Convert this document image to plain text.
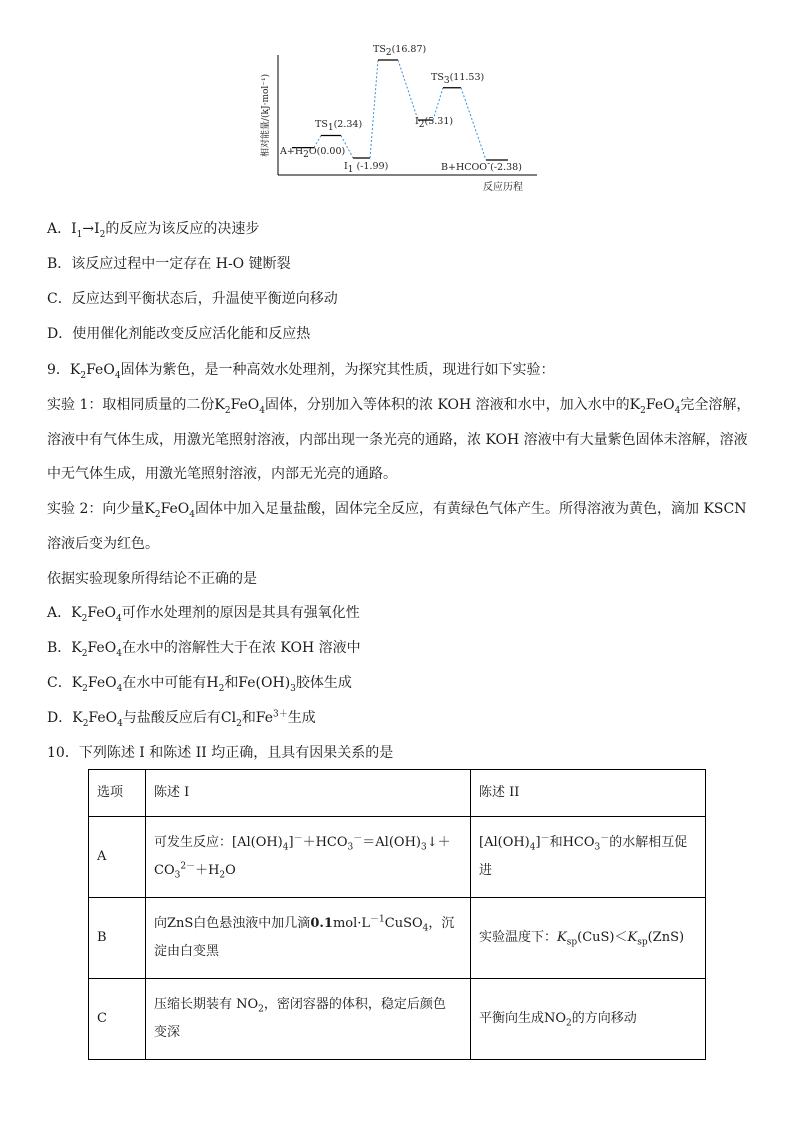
相对能量/(kJ·mol⁻¹)
反应历程
$A+H_2O(0.00)$
$TS_1(2.34)$
$I_1$ (-1.99)
$TS_2(16.87)$
$I_2(5.31)$
$TS_3(11.53)$
B+HCOO-(-2.38)
A．$I_1\to I_2$的反应为该反应的决速步
B．该反应过程中一定存在 H-O 键断裂
C．反应达到平衡状态后，升温使平衡逆向移动
D．使用催化剂能改变反应活化能和反应热
9．$K_2FeO_4$固体为紫色，是一种高效水处理剂，为探究其性质，现进行如下实验：
实验 1：取相同质量的二份$K_2FeO_4$固体，分别加入等体积的浓 KOH 溶液和水中，加入水中的$K_2FeO_4$完全溶解，
溶液中有气体生成，用激光笔照射溶液，内部出现一条光亮的通路，浓 KOH 溶液中有大量紫色固体未溶解，溶液
中无气体生成，用激光笔照射溶液，内部无光亮的通路。
实验 2：向少量$K_2FeO_4$固体中加入足量盐酸，固体完全反应，有黄绿色气体产生。所得溶液为黄色，滴加 KSCN
溶液后变为红色。
依据实验现象所得结论不正确的是
A．$K_2FeO_4$可作水处理剂的原因是其具有强氧化性
B．$K_2FeO_4$在水中的溶解性大于在浓 KOH 溶液中
C．$K_2FeO_4$在水中可能有$H_2$和$Fe(OH)_3$胶体生成
D．$K_2FeO_4$与盐酸反应后有$Cl_2$和$Fe^{3+}$生成
10．下列陈述 I 和陈述 II 均正确，且具有因果关系的是
选项	陈述 I	陈述 II
A	可发生反应：$[Al(OH)_4]^-+HCO_3^-=Al(OH)_3↓+$
$CO_3^{2-}+H_2O$	$[Al(OH)_4]^-$和$HCO_3^-$的水解相互促
进
B	向ZnS白色悬浊液中加几滴$0.1mol\cdot L^{-1}CuSO_4$，沉
淀由白变黑	实验温度下：$K_{sp}(CuS)<K_{sp}(ZnS)$
C	压缩长期装有 $NO_2$，密闭容器的体积，稳定后颜色
变深	平衡向生成$NO_2$的方向移动
